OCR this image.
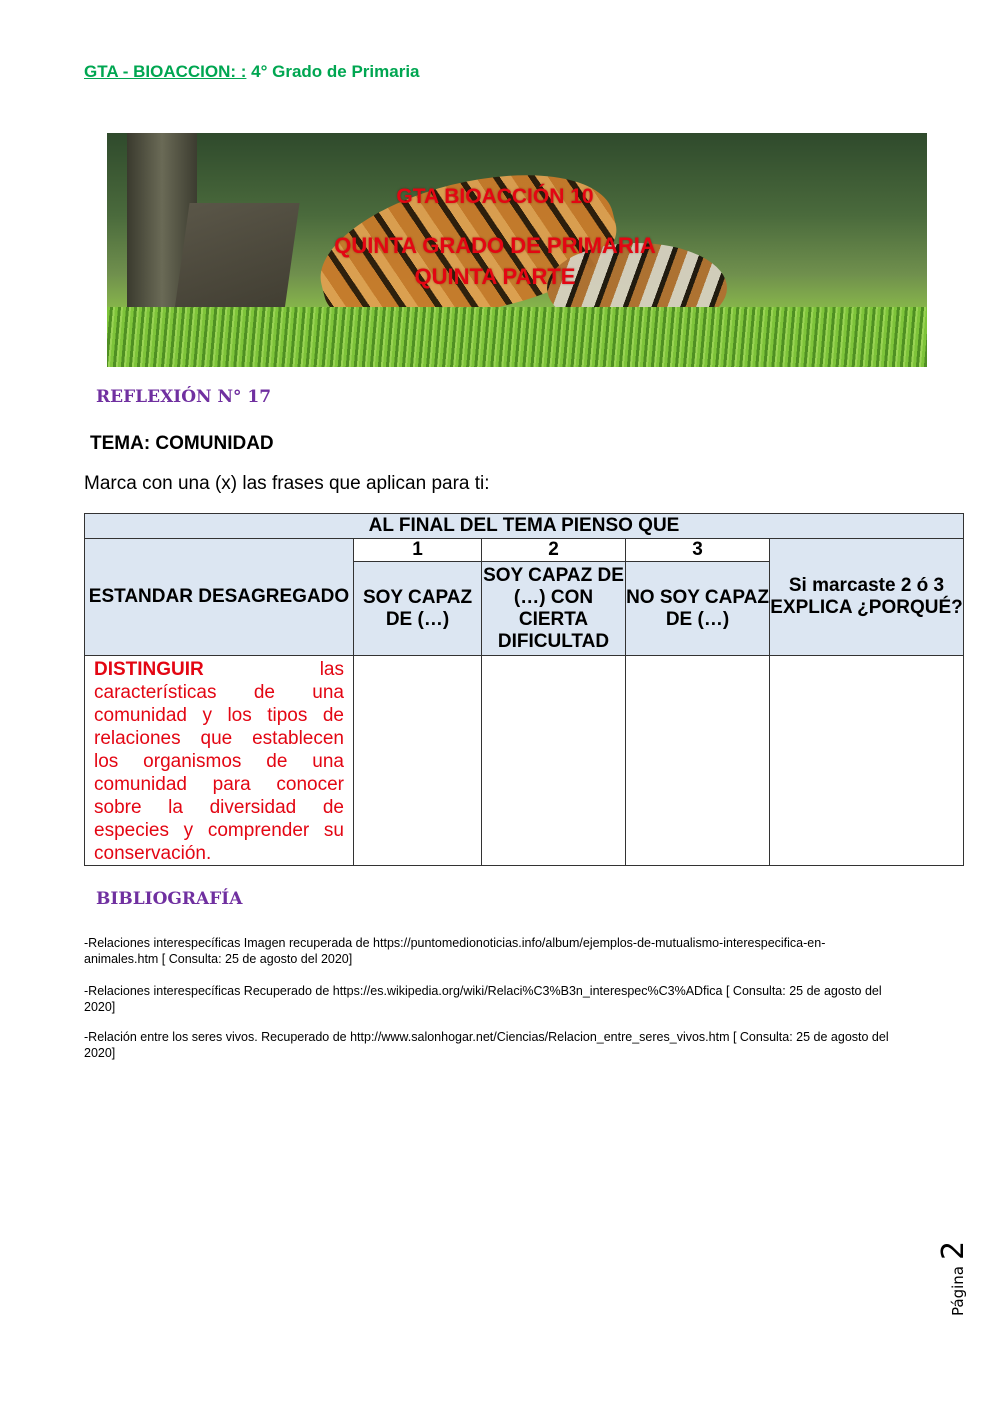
GTA - BIOACCION: : 4° Grado de Primaria
GTA BIOACCIÓN 10
QUINTA GRADO DE PRIMARIA
QUINTA PARTE
REFLEXIÓN N° 17
TEMA: COMUNIDAD
Marca con una (x) las frases que aplican para ti:
AL FINAL DEL TEMA PIENSO QUE				
ESTANDAR DESAGREGADO	1	2	3	Si marcaste 2 ó 3 EXPLICA ¿PORQUÉ?
	SOY CAPAZ DE (…)	SOY CAPAZ DE (…) CON CIERTA DIFICULTAD	NO SOY CAPAZ DE (…)	
DISTINGUIR las características de una comunidad y los tipos de relaciones que establecen los organismos de una comunidad para conocer sobre la diversidad de especies y comprender su conservación.				
BIBLIOGRAFÍA
-Relaciones interespecíficas Imagen recuperada de https://puntomedionoticias.info/album/ejemplos-de-mutualismo-interespecifica-en-animales.htm [ Consulta: 25 de agosto del 2020]
-Relaciones interespecíficas Recuperado de https://es.wikipedia.org/wiki/Relaci%C3%B3n_interespec%C3%ADfica [ Consulta: 25 de agosto del 2020]
-Relación entre los seres vivos. Recuperado de http://www.salonhogar.net/Ciencias/Relacion_entre_seres_vivos.htm [ Consulta: 25 de agosto del 2020]
Página2
